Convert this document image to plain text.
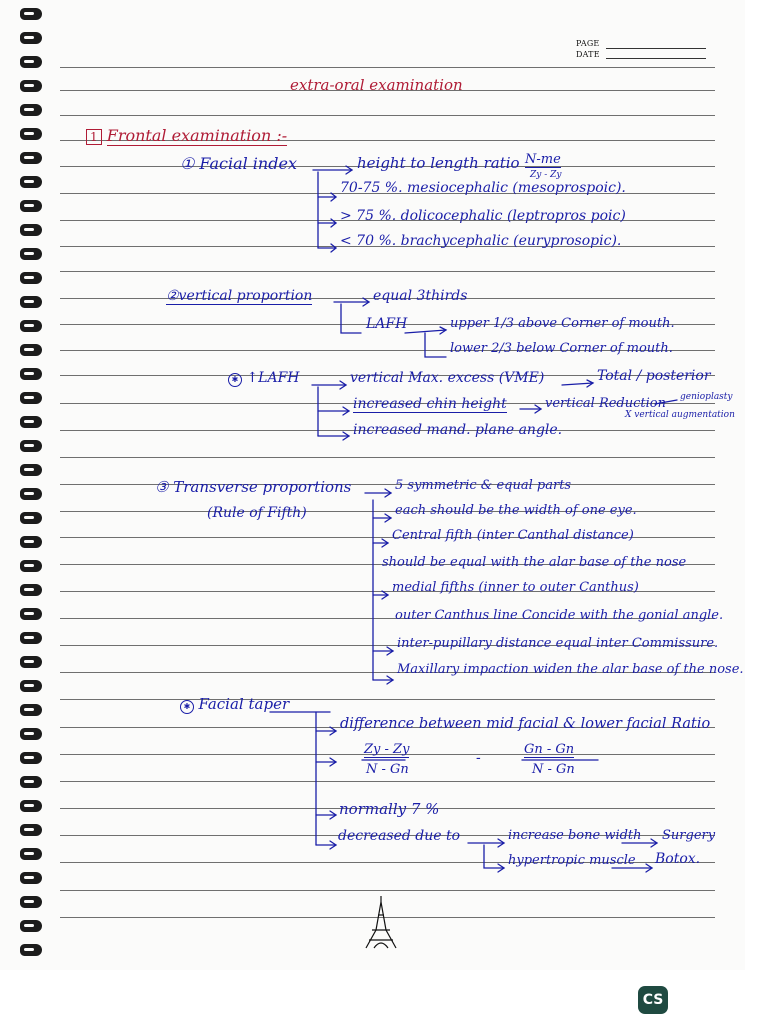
PAGE
DATE
extra-oral examination
1 Frontal examination :-
① Facial index	height to length ratio N-me
Zy - Zy
70-75 %. mesiocephalic (mesoprospoic).
> 75 %. dolicocephalic (leptropros poic)
< 70 %. brachycephalic (euryprosopic).
②vertical proportion	equal 3thirds
LAFH	upper 1/3 above Corner of mouth.
lower 2/3 below Corner of mouth.
✱ ↑LAFH	vertical Max. excess (VME)	Total / posterior
increased chin height	vertical Reduction genioplasty
X vertical augmentation
increased mand. plane angle.
③ Transverse proportions
(Rule of Fifth)
5 symmetric & equal parts
each should be the width of one eye.
Central fifth (inter Canthal distance)
should be equal with the alar base of the nose
medial fifths (inner to outer Canthus)
outer Canthus line Concide with the gonial angle.
inter-pupillary distance equal inter Commissure.
Maxillary impaction widen the alar base of the nose.
✱ Facial taper
difference between mid facial & lower facial Ratio
Zy - Zy
N - Gn
-
Gn - Gn
N - Gn
normally 7 %
decreased due to	increase bone width Surgery
hypertropic muscle Botox.
CS
